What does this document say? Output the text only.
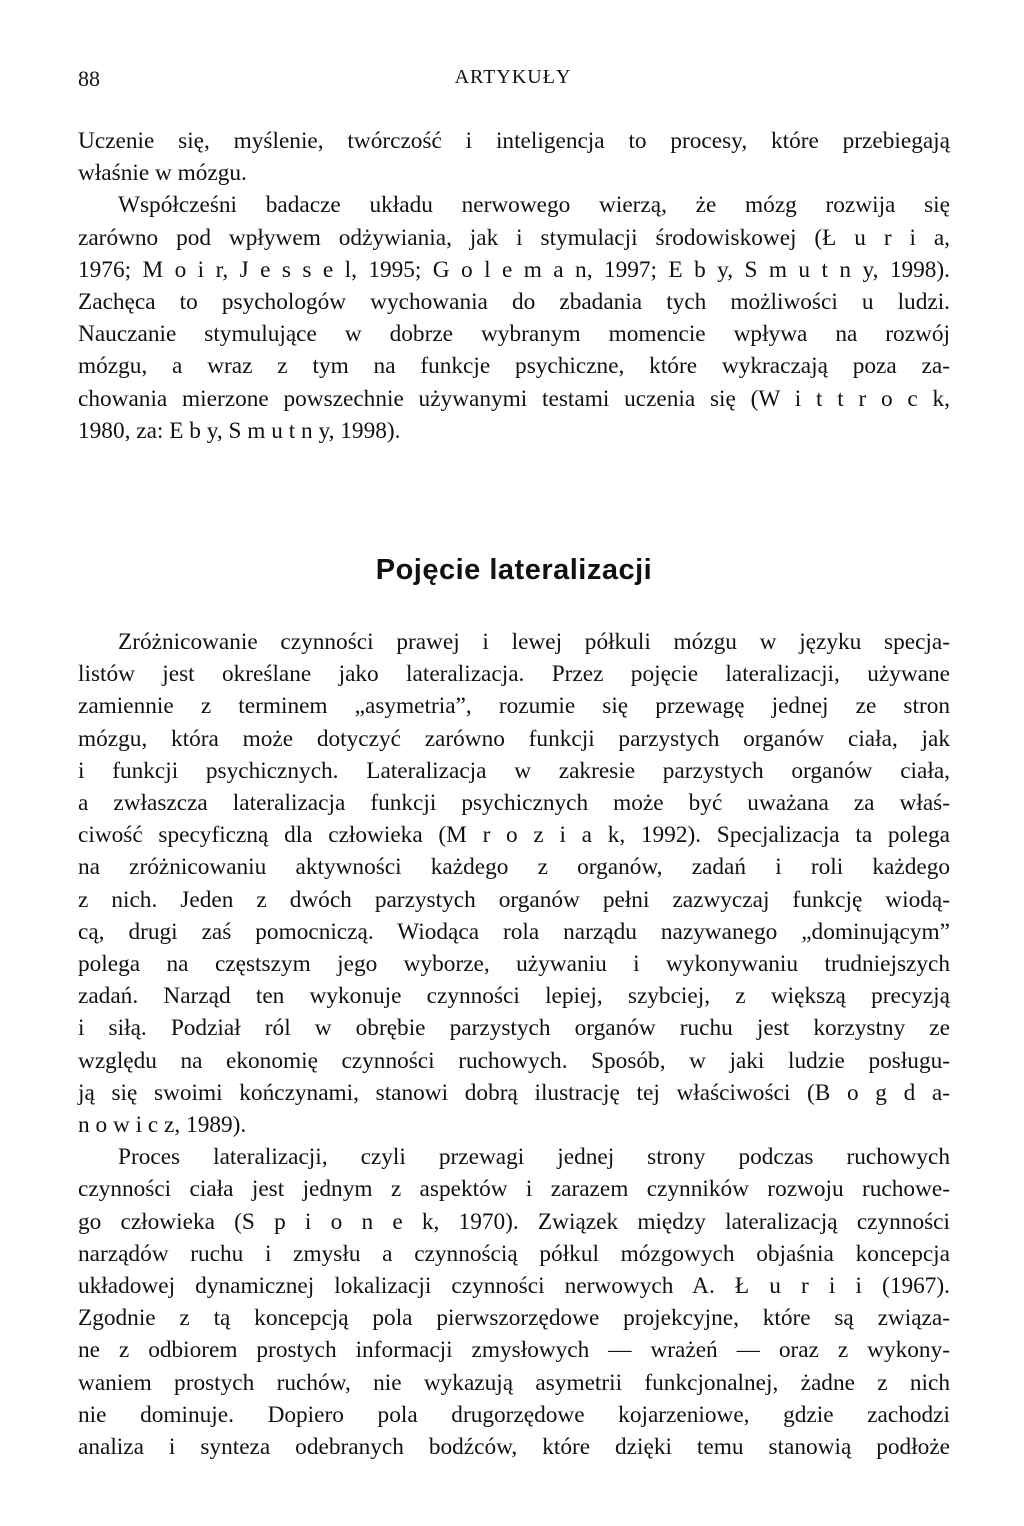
88	ARTYKUŁY
Uczenie się, myślenie, twórczość i inteligencja to procesy, które przebiegają
właśnie w mózgu.
Współcześni badacze układu nerwowego wierzą, że mózg rozwija się
zarówno pod wpływem odżywiania, jak i stymulacji środowiskowej (Ł u r i a,
1976; M o i r, J e s s e l, 1995; G o l e m a n, 1997; E b y, S m u t n y, 1998).
Zachęca to psychologów wychowania do zbadania tych możliwości u ludzi.
Nauczanie stymulujące w dobrze wybranym momencie wpływa na rozwój
mózgu, a wraz z tym na funkcje psychiczne, które wykraczają poza za-
chowania mierzone powszechnie używanymi testami uczenia się (W i t t r o c k,
1980, za: E b y, S m u t n y, 1998).
Pojęcie lateralizacji
Zróżnicowanie czynności prawej i lewej półkuli mózgu w języku specja-
listów jest określane jako lateralizacja. Przez pojęcie lateralizacji, używane
zamiennie z terminem „asymetria”, rozumie się przewagę jednej ze stron
mózgu, która może dotyczyć zarówno funkcji parzystych organów ciała, jak
i funkcji psychicznych. Lateralizacja w zakresie parzystych organów ciała,
a zwłaszcza lateralizacja funkcji psychicznych może być uważana za właś-
ciwość specyficzną dla człowieka (M r o z i a k, 1992). Specjalizacja ta polega
na zróżnicowaniu aktywności każdego z organów, zadań i roli każdego
z nich. Jeden z dwóch parzystych organów pełni zazwyczaj funkcję wiodą-
cą, drugi zaś pomocniczą. Wiodąca rola narządu nazywanego „dominującym”
polega na częstszym jego wyborze, używaniu i wykonywaniu trudniejszych
zadań. Narząd ten wykonuje czynności lepiej, szybciej, z większą precyzją
i siłą. Podział ról w obrębie parzystych organów ruchu jest korzystny ze
względu na ekonomię czynności ruchowych. Sposób, w jaki ludzie posługu-
ją się swoimi kończynami, stanowi dobrą ilustrację tej właściwości (B o g d a-
n o w i c z, 1989).
Proces lateralizacji, czyli przewagi jednej strony podczas ruchowych
czynności ciała jest jednym z aspektów i zarazem czynników rozwoju ruchowe-
go człowieka (S p i o n e k, 1970). Związek między lateralizacją czynności
narządów ruchu i zmysłu a czynnością półkul mózgowych objaśnia koncepcja
układowej dynamicznej lokalizacji czynności nerwowych A. Ł u r i i (1967).
Zgodnie z tą koncepcją pola pierwszorzędowe projekcyjne, które są związa-
ne z odbiorem prostych informacji zmysłowych — wrażeń — oraz z wykony-
waniem prostych ruchów, nie wykazują asymetrii funkcjonalnej, żadne z nich
nie dominuje. Dopiero pola drugorzędowe kojarzeniowe, gdzie zachodzi
analiza i synteza odebranych bodźców, które dzięki temu stanowią podłoże
